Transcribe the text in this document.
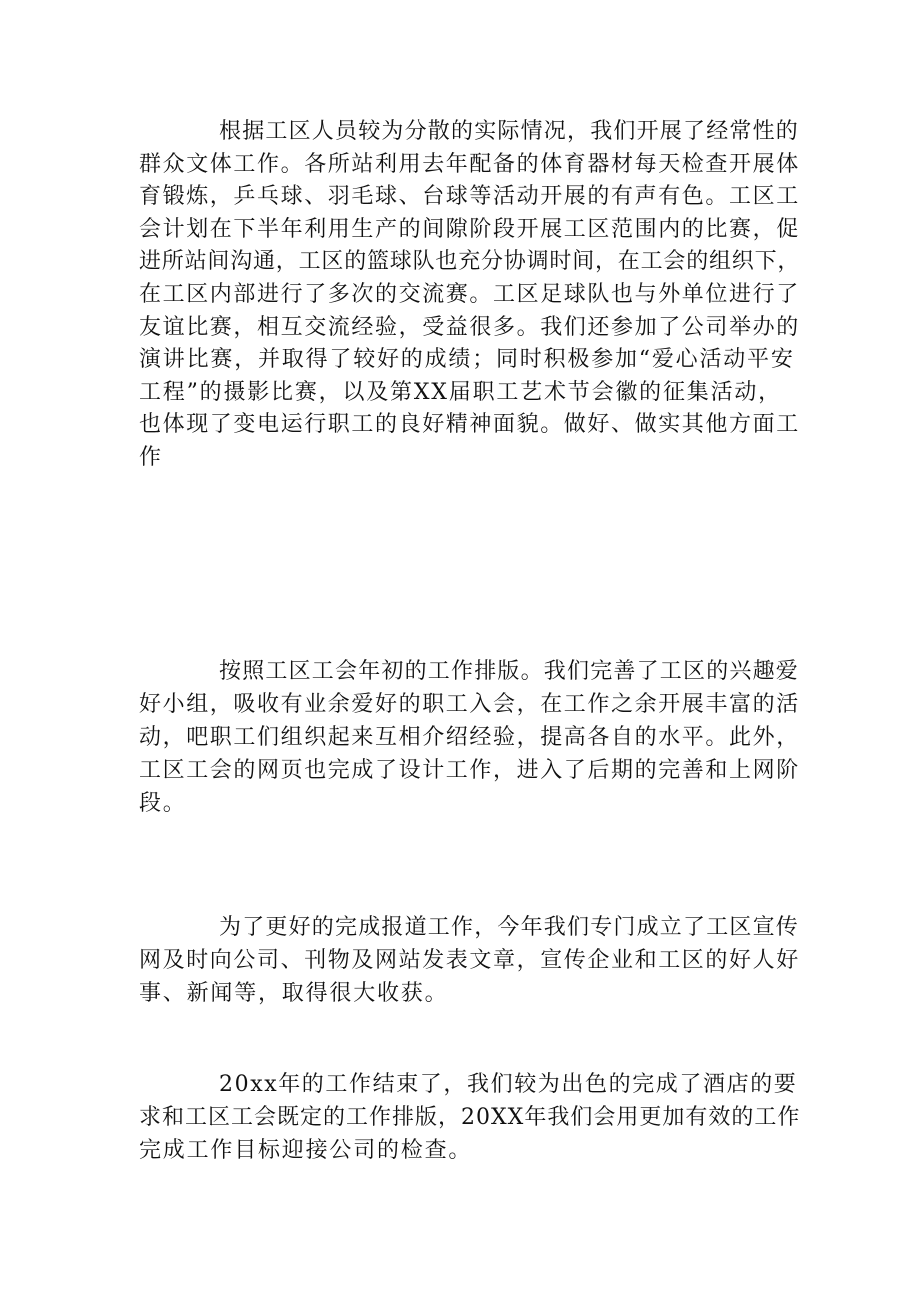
根据工区人员较为分散的实际情况，我们开展了经常性的
群众文体工作。各所站利用去年配备的体育器材每天检查开展体
育锻炼，乒乓球、羽毛球、台球等活动开展的有声有色。工区工
会计划在下半年利用生产的间隙阶段开展工区范围内的比赛，促
进所站间沟通，工区的篮球队也充分协调时间，在工会的组织下，
在工区内部进行了多次的交流赛。工区足球队也与外单位进行了
友谊比赛，相互交流经验，受益很多。我们还参加了公司举办的
演讲比赛，并取得了较好的成绩；同时积极参加“爱心活动平安
工程”的摄影比赛，以及第XX届职工艺术节会徽的征集活动，
也体现了变电运行职工的良好精神面貌。做好、做实其他方面工
作
按照工区工会年初的工作排版。我们完善了工区的兴趣爱
好小组，吸收有业余爱好的职工入会，在工作之余开展丰富的活
动，吧职工们组织起来互相介绍经验，提高各自的水平。此外，
工区工会的网页也完成了设计工作，进入了后期的完善和上网阶
段。
为了更好的完成报道工作，今年我们专门成立了工区宣传
网及时向公司、刊物及网站发表文章，宣传企业和工区的好人好
事、新闻等，取得很大收获。
20xx年的工作结束了，我们较为出色的完成了酒店的要
求和工区工会既定的工作排版，20XX年我们会用更加有效的工作
完成工作目标迎接公司的检查。
